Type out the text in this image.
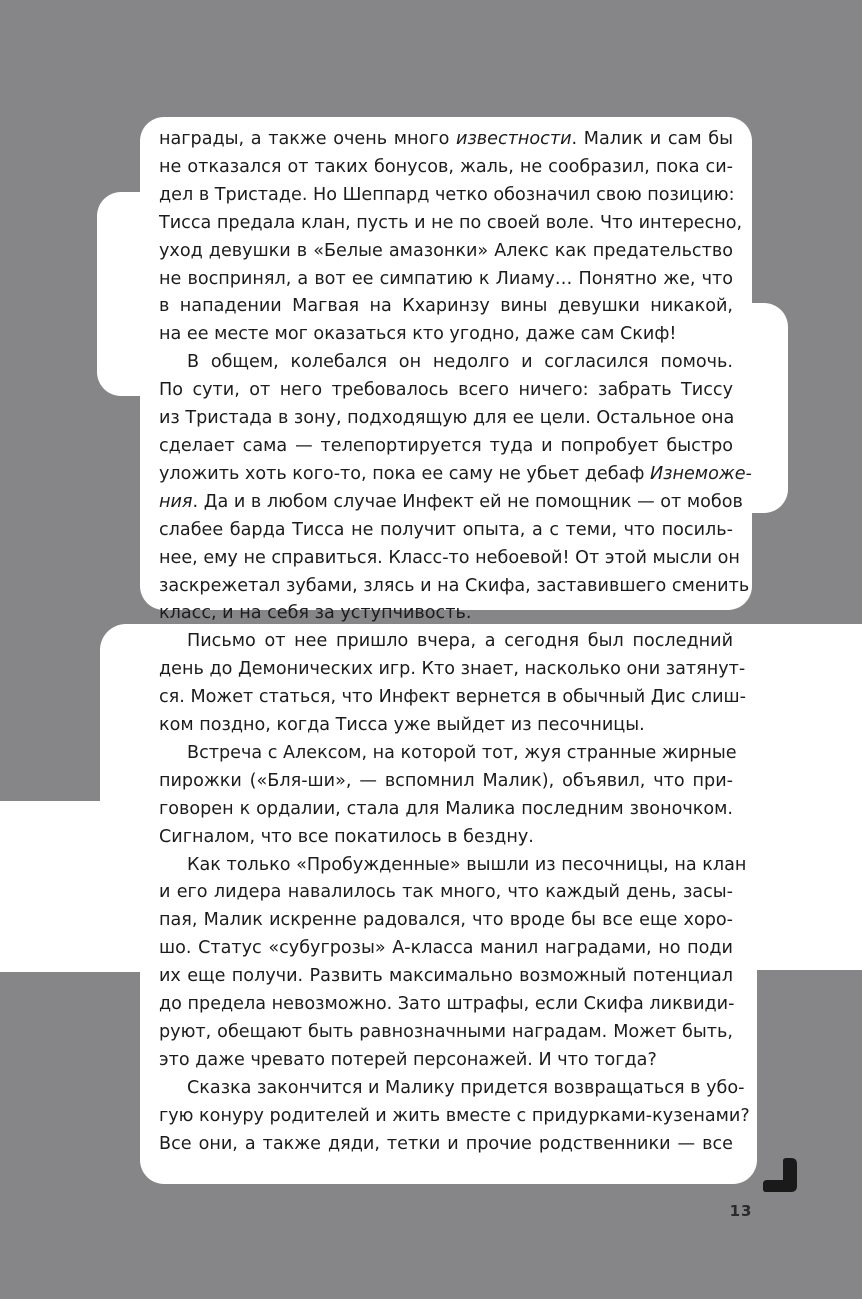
награды, а также очень много известности. Малик и сам бы
не отказался от таких бонусов, жаль, не сообразил, пока си-
дел в Тристаде. Но Шеппард четко обозначил свою позицию:
Тисса предала клан, пусть и не по своей воле. Что интересно,
уход девушки в «Белые амазонки» Алекс как предательство
не воспринял, а вот ее симпатию к Лиаму… Понятно же, что
в нападении Магвая на Кхаринзу вины девушки никакой,
на ее месте мог оказаться кто угодно, даже сам Скиф!
В общем, колебался он недолго и согласился помочь.
По сути, от него требовалось всего ничего: забрать Тиссу
из Тристада в зону, подходящую для ее цели. Остальное она
сделает сама — телепортируется туда и попробует быстро
уложить хоть кого-то, пока ее саму не убьет дебаф Изнеможе-
ния. Да и в любом случае Инфект ей не помощник — от мобов
слабее барда Тисса не получит опыта, а с теми, что посиль-
нее, ему не справиться. Класс-то небоевой! От этой мысли он
заскрежетал зубами, злясь и на Скифа, заставившего сменить
класс, и на себя за уступчивость.
Письмо от нее пришло вчера, а сегодня был последний
день до Демонических игр. Кто знает, насколько они затянут-
ся. Может статься, что Инфект вернется в обычный Дис слиш-
ком поздно, когда Тисса уже выйдет из песочницы.
Встреча с Алексом, на которой тот, жуя странные жирные
пирожки («Бля-ши», — вспомнил Малик), объявил, что при-
говорен к ордалии, стала для Малика последним звоночком.
Сигналом, что все покатилось в бездну.
Как только «Пробужденные» вышли из песочницы, на клан
и его лидера навалилось так много, что каждый день, засы-
пая, Малик искренне радовался, что вроде бы все еще хоро-
шо. Статус «субугрозы» А-класса манил наградами, но поди
их еще получи. Развить максимально возможный потенциал
до предела невозможно. Зато штрафы, если Скифа ликвиди-
руют, обещают быть равнозначными наградам. Может быть,
это даже чревато потерей персонажей. И что тогда?
Сказка закончится и Малику придется возвращаться в убо-
гую конуру родителей и жить вместе с придурками-кузенами?
Все они, а также дяди, тетки и прочие родственники — все
13
